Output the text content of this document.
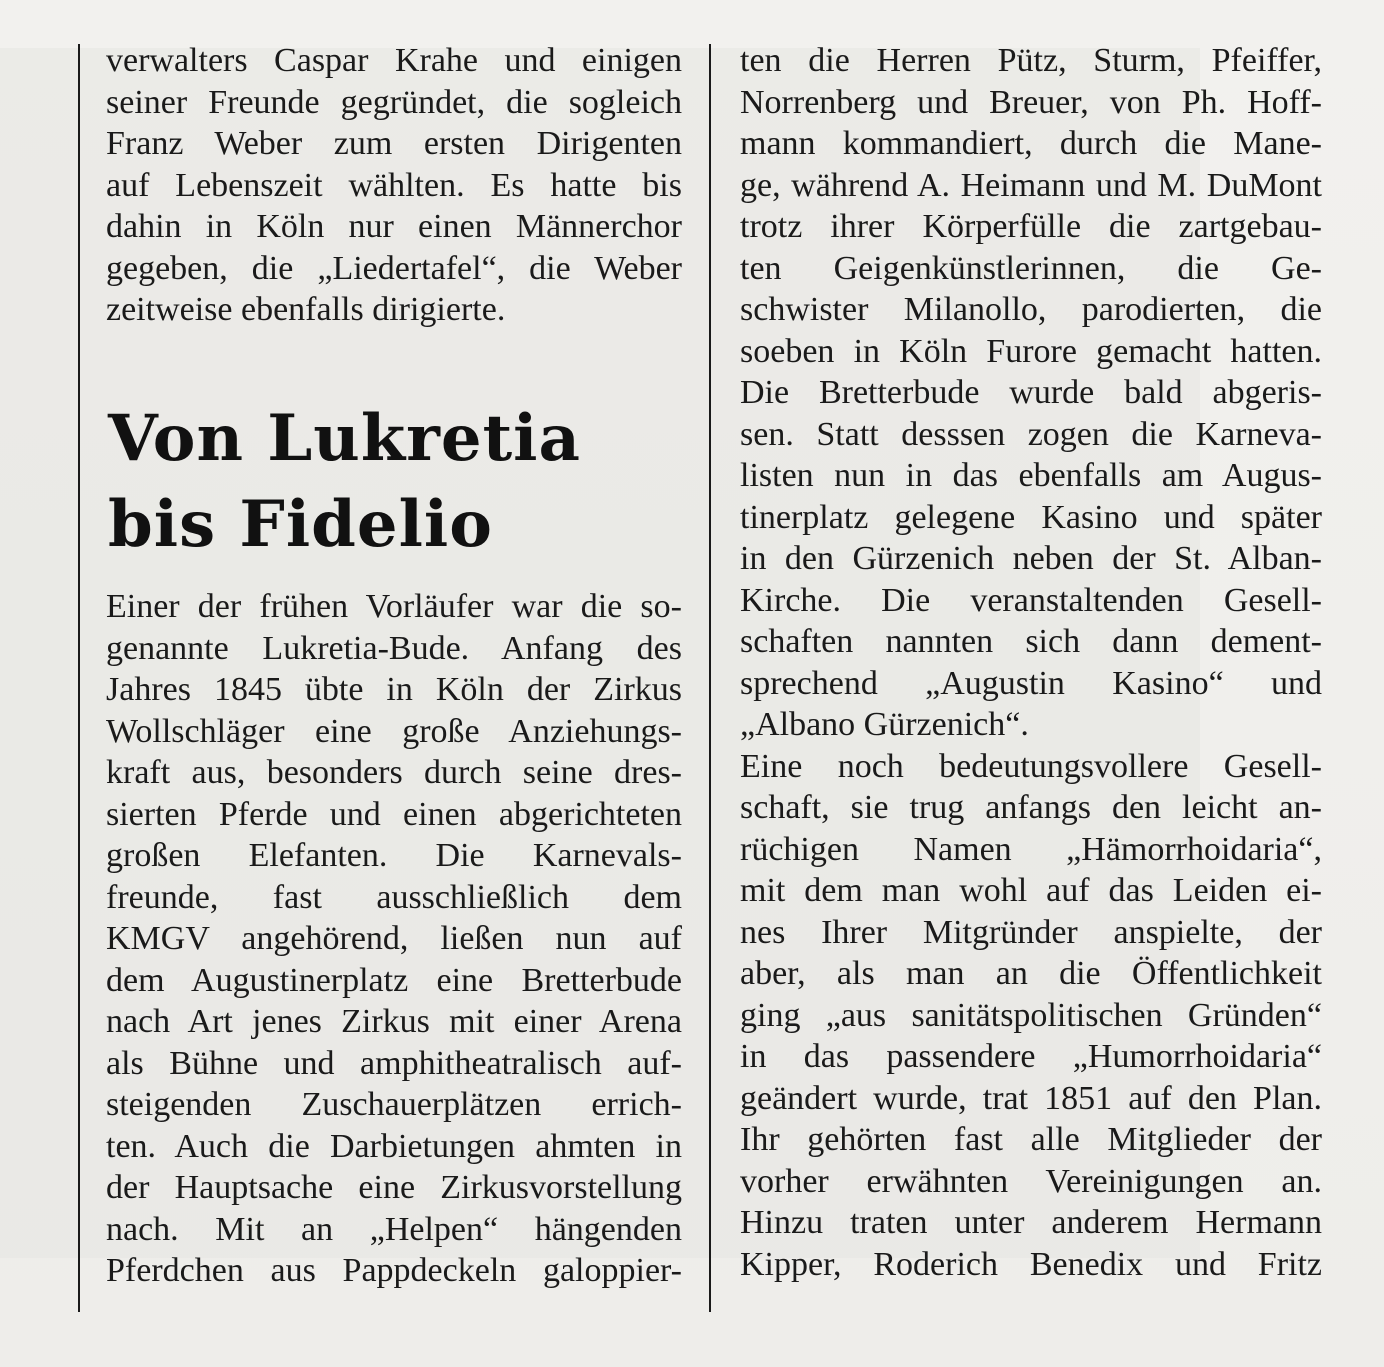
verwalters Caspar Krahe und einigen
seiner Freunde gegründet, die sogleich
Franz Weber zum ersten Dirigenten
auf Lebenszeit wählten. Es hatte bis
dahin in Köln nur einen Männerchor
gegeben, die „Liedertafel“, die Weber
zeitweise ebenfalls dirigierte.
Von Lukretia
bis Fidelio
Einer der frühen Vorläufer war die so-
genannte Lukretia-Bude. Anfang des
Jahres 1845 übte in Köln der Zirkus
Wollschläger eine große Anziehungs-
kraft aus, besonders durch seine dres-
sierten Pferde und einen abgerichteten
großen Elefanten. Die Karnevals-
freunde, fast ausschließlich dem
KMGV angehörend, ließen nun auf
dem Augustinerplatz eine Bretterbude
nach Art jenes Zirkus mit einer Arena
als Bühne und amphitheatralisch auf-
steigenden Zuschauerplätzen errich-
ten. Auch die Darbietungen ahmten in
der Hauptsache eine Zirkusvorstellung
nach. Mit an „Helpen“ hängenden
Pferdchen aus Pappdeckeln galoppier-
ten die Herren Pütz, Sturm, Pfeiffer,
Norrenberg und Breuer, von Ph. Hoff-
mann kommandiert, durch die Mane-
ge, während A. Heimann und M. DuMont
trotz ihrer Körperfülle die zartgebau-
ten Geigenkünstlerinnen, die Ge-
schwister Milanollo, parodierten, die
soeben in Köln Furore gemacht hatten.
Die Bretterbude wurde bald abgeris-
sen. Statt desssen zogen die Karneva-
listen nun in das ebenfalls am Augus-
tinerplatz gelegene Kasino und später
in den Gürzenich neben der St. Alban-
Kirche. Die veranstaltenden Gesell-
schaften nannten sich dann dement-
sprechend „Augustin Kasino“ und
„Albano Gürzenich“.
Eine noch bedeutungsvollere Gesell-
schaft, sie trug anfangs den leicht an-
rüchigen Namen „Hämorrhoidaria“,
mit dem man wohl auf das Leiden ei-
nes Ihrer Mitgründer anspielte, der
aber, als man an die Öffentlichkeit
ging „aus sanitätspolitischen Gründen“
in das passendere „Humorrhoidaria“
geändert wurde, trat 1851 auf den Plan.
Ihr gehörten fast alle Mitglieder der
vorher erwähnten Vereinigungen an.
Hinzu traten unter anderem Hermann
Kipper, Roderich Benedix und Fritz
